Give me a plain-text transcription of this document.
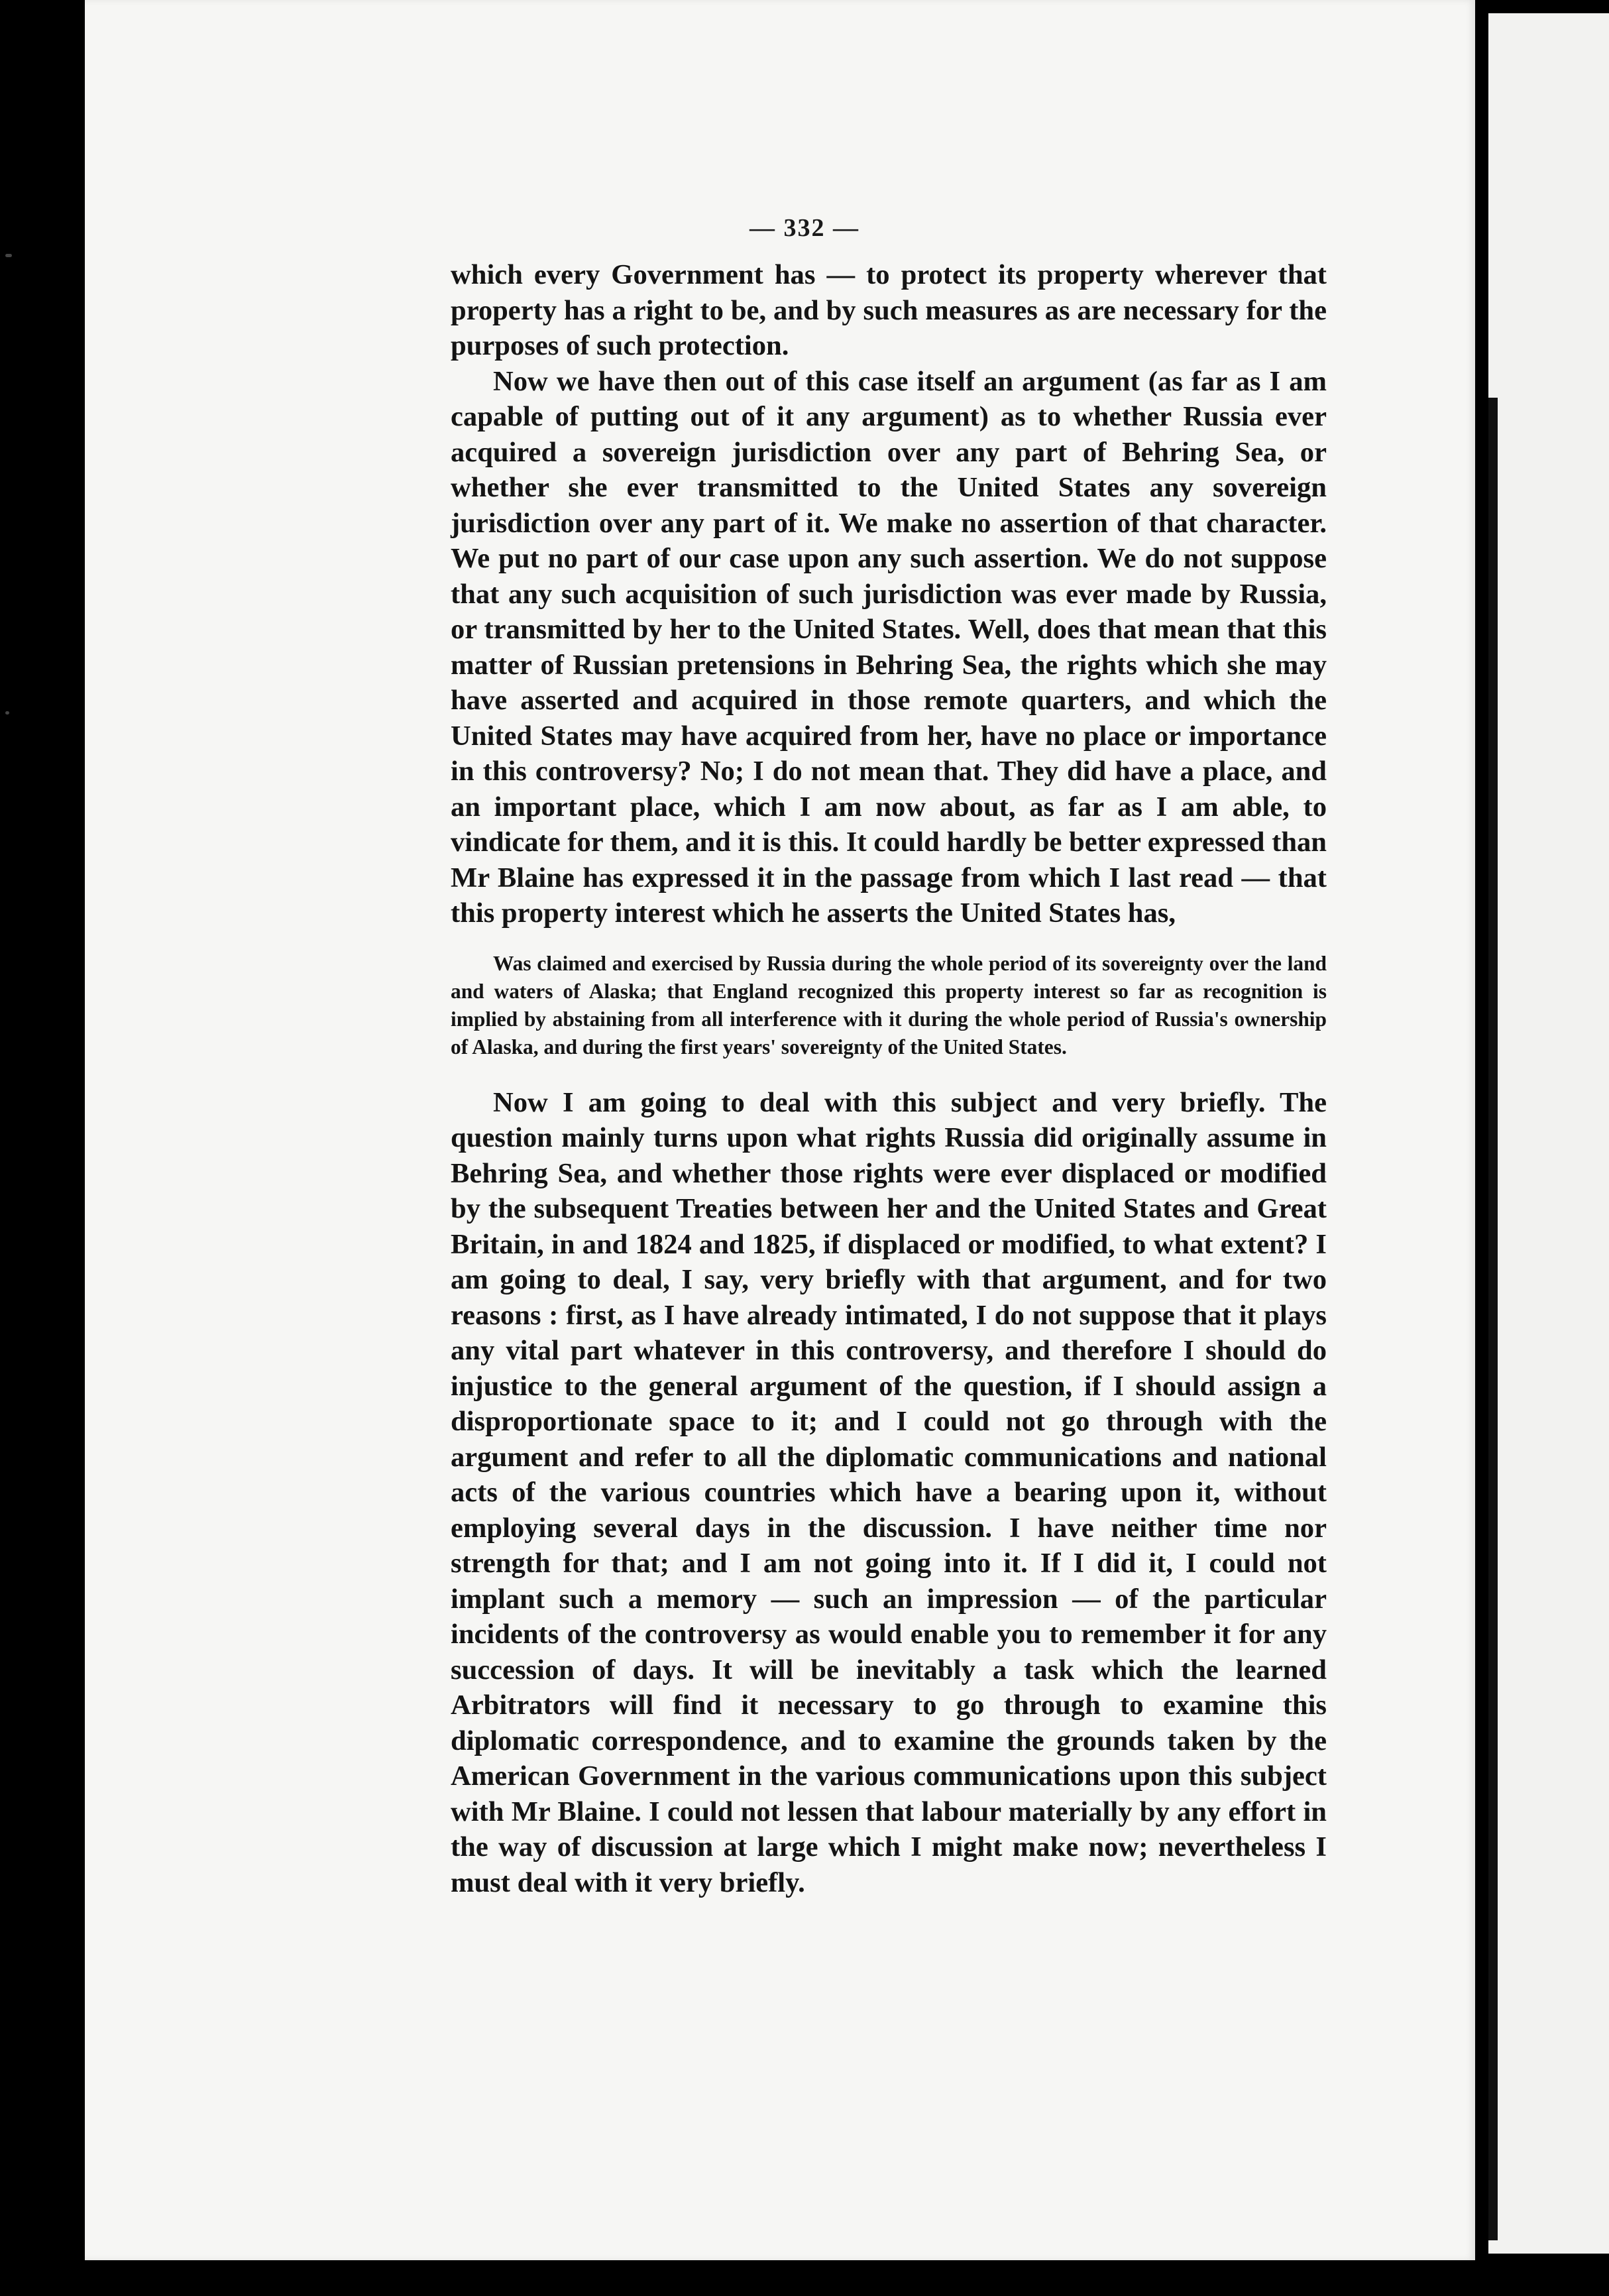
— 332 —

which every Government has — to protect its property wherever that property has a right to be, and by such measures as are necessary for the purposes of such protection.

Now we have then out of this case itself an argument (as far as I am capable of putting out of it any argument) as to whether Russia ever acquired a sovereign jurisdiction over any part of Behring Sea, or whether she ever transmitted to the United States any sovereign jurisdiction over any part of it. We make no assertion of that character. We put no part of our case upon any such assertion. We do not suppose that any such acquisition of such jurisdiction was ever made by Russia, or transmitted by her to the United States. Well, does that mean that this matter of Russian pretensions in Behring Sea, the rights which she may have asserted and acquired in those remote quarters, and which the United States may have acquired from her, have no place or importance in this controversy? No; I do not mean that. They did have a place, and an important place, which I am now about, as far as I am able, to vindicate for them, and it is this. It could hardly be better expressed than Mr Blaine has expressed it in the passage from which I last read — that this property interest which he asserts the United States has,

Was claimed and exercised by Russia during the whole period of its sovereignty over the land and waters of Alaska; that England recognized this property interest so far as recognition is implied by abstaining from all interference with it during the whole period of Russia's ownership of Alaska, and during the first years' sovereignty of the United States.

Now I am going to deal with this subject and very briefly. The question mainly turns upon what rights Russia did originally assume in Behring Sea, and whether those rights were ever displaced or modified by the subsequent Treaties between her and the United States and Great Britain, in and 1824 and 1825, if displaced or modified, to what extent? I am going to deal, I say, very briefly with that argument, and for two reasons : first, as I have already intimated, I do not suppose that it plays any vital part whatever in this controversy, and therefore I should do injustice to the general argument of the question, if I should assign a disproportionate space to it; and I could not go through with the argument and refer to all the diplomatic communications and national acts of the various countries which have a bearing upon it, without employing several days in the discussion. I have neither time nor strength for that; and I am not going into it. If I did it, I could not implant such a memory — such an impression — of the particular incidents of the controversy as would enable you to remember it for any succession of days. It will be inevitably a task which the learned Arbitrators will find it necessary to go through to examine this diplomatic correspondence, and to examine the grounds taken by the American Government in the various communications upon this subject with Mr Blaine. I could not lessen that labour materially by any effort in the way of discussion at large which I might make now; nevertheless I must deal with it very briefly.
